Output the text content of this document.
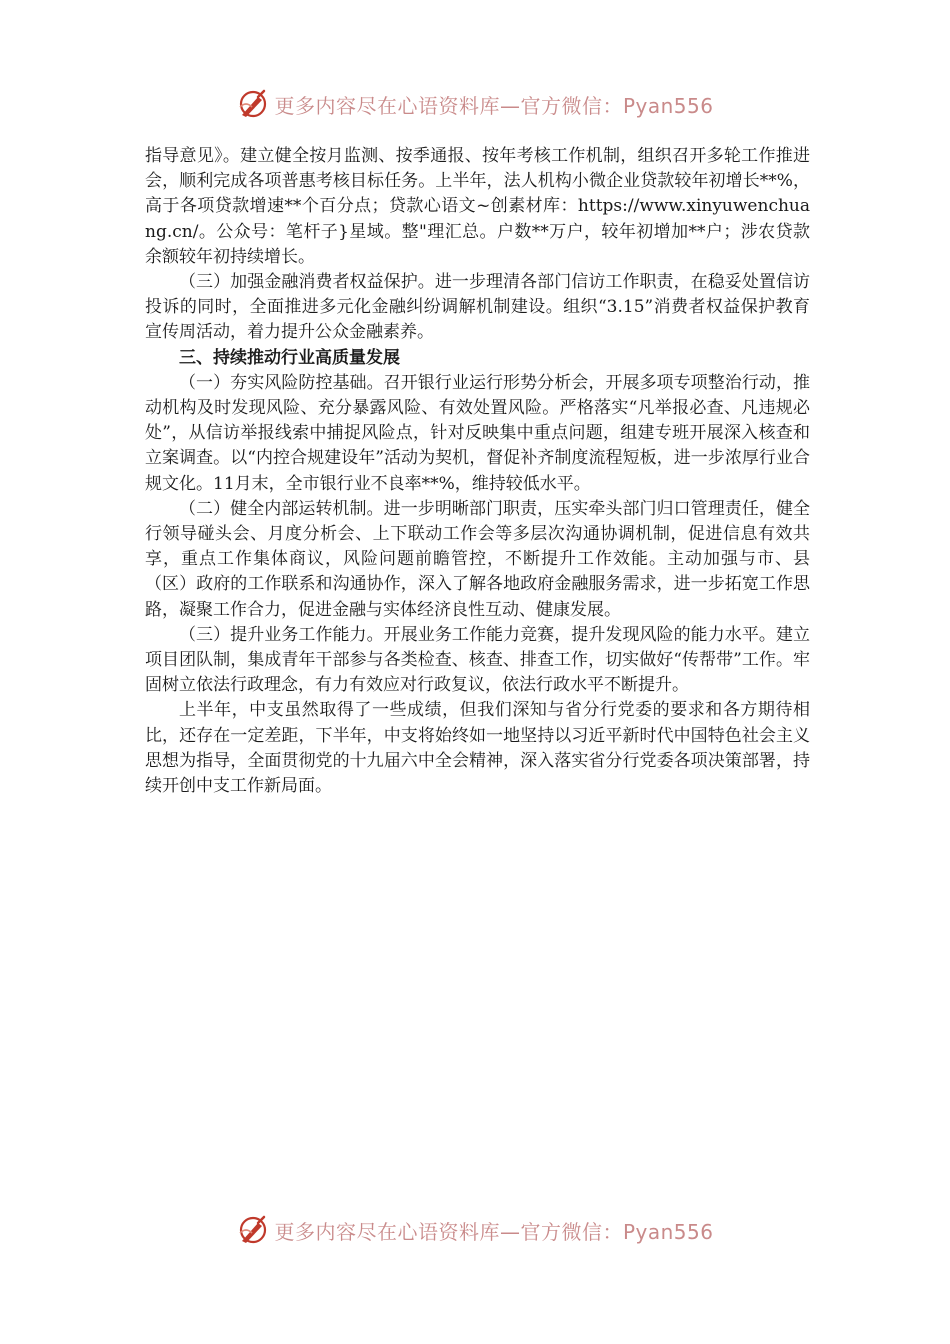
更多内容尽在心语资料库—官方微信：Pyan556

指导意见》。建立健全按月监测、按季通报、按年考核工作机制，组织召开多轮工作推进会，顺利完成各项普惠考核目标任务。上半年，法人机构小微企业贷款较年初增长**%，高于各项贷款增速**个百分点；贷款心语文~创素材库：https://www.xinyuwenchuang.cn/。公众号：笔杆子}星域。整"理汇总。户数**万户，较年初增加**户；涉农贷款余额较年初持续增长。

（三）加强金融消费者权益保护。进一步理清各部门信访工作职责，在稳妥处置信访投诉的同时，全面推进多元化金融纠纷调解机制建设。组织“3.15”消费者权益保护教育宣传周活动，着力提升公众金融素养。

三、持续推动行业高质量发展

（一）夯实风险防控基础。召开银行业运行形势分析会，开展多项专项整治行动，推动机构及时发现风险、充分暴露风险、有效处置风险。严格落实“凡举报必查、凡违规必处”，从信访举报线索中捕捉风险点，针对反映集中重点问题，组建专班开展深入核查和立案调查。以“内控合规建设年”活动为契机，督促补齐制度流程短板，进一步浓厚行业合规文化。11月末，全市银行业不良率**%，维持较低水平。

（二）健全内部运转机制。进一步明晰部门职责，压实牵头部门归口管理责任，健全行领导碰头会、月度分析会、上下联动工作会等多层次沟通协调机制，促进信息有效共享，重点工作集体商议，风险问题前瞻管控，不断提升工作效能。主动加强与市、县（区）政府的工作联系和沟通协作，深入了解各地政府金融服务需求，进一步拓宽工作思路，凝聚工作合力，促进金融与实体经济良性互动、健康发展。

（三）提升业务工作能力。开展业务工作能力竞赛，提升发现风险的能力水平。建立项目团队制，集成青年干部参与各类检查、核查、排查工作，切实做好“传帮带”工作。牢固树立依法行政理念，有力有效应对行政复议，依法行政水平不断提升。

上半年，中支虽然取得了一些成绩，但我们深知与省分行党委的要求和各方期待相比，还存在一定差距，下半年，中支将始终如一地坚持以习近平新时代中国特色社会主义思想为指导，全面贯彻党的十九届六中全会精神，深入落实省分行党委各项决策部署，持续开创中支工作新局面。

更多内容尽在心语资料库—官方微信：Pyan556
